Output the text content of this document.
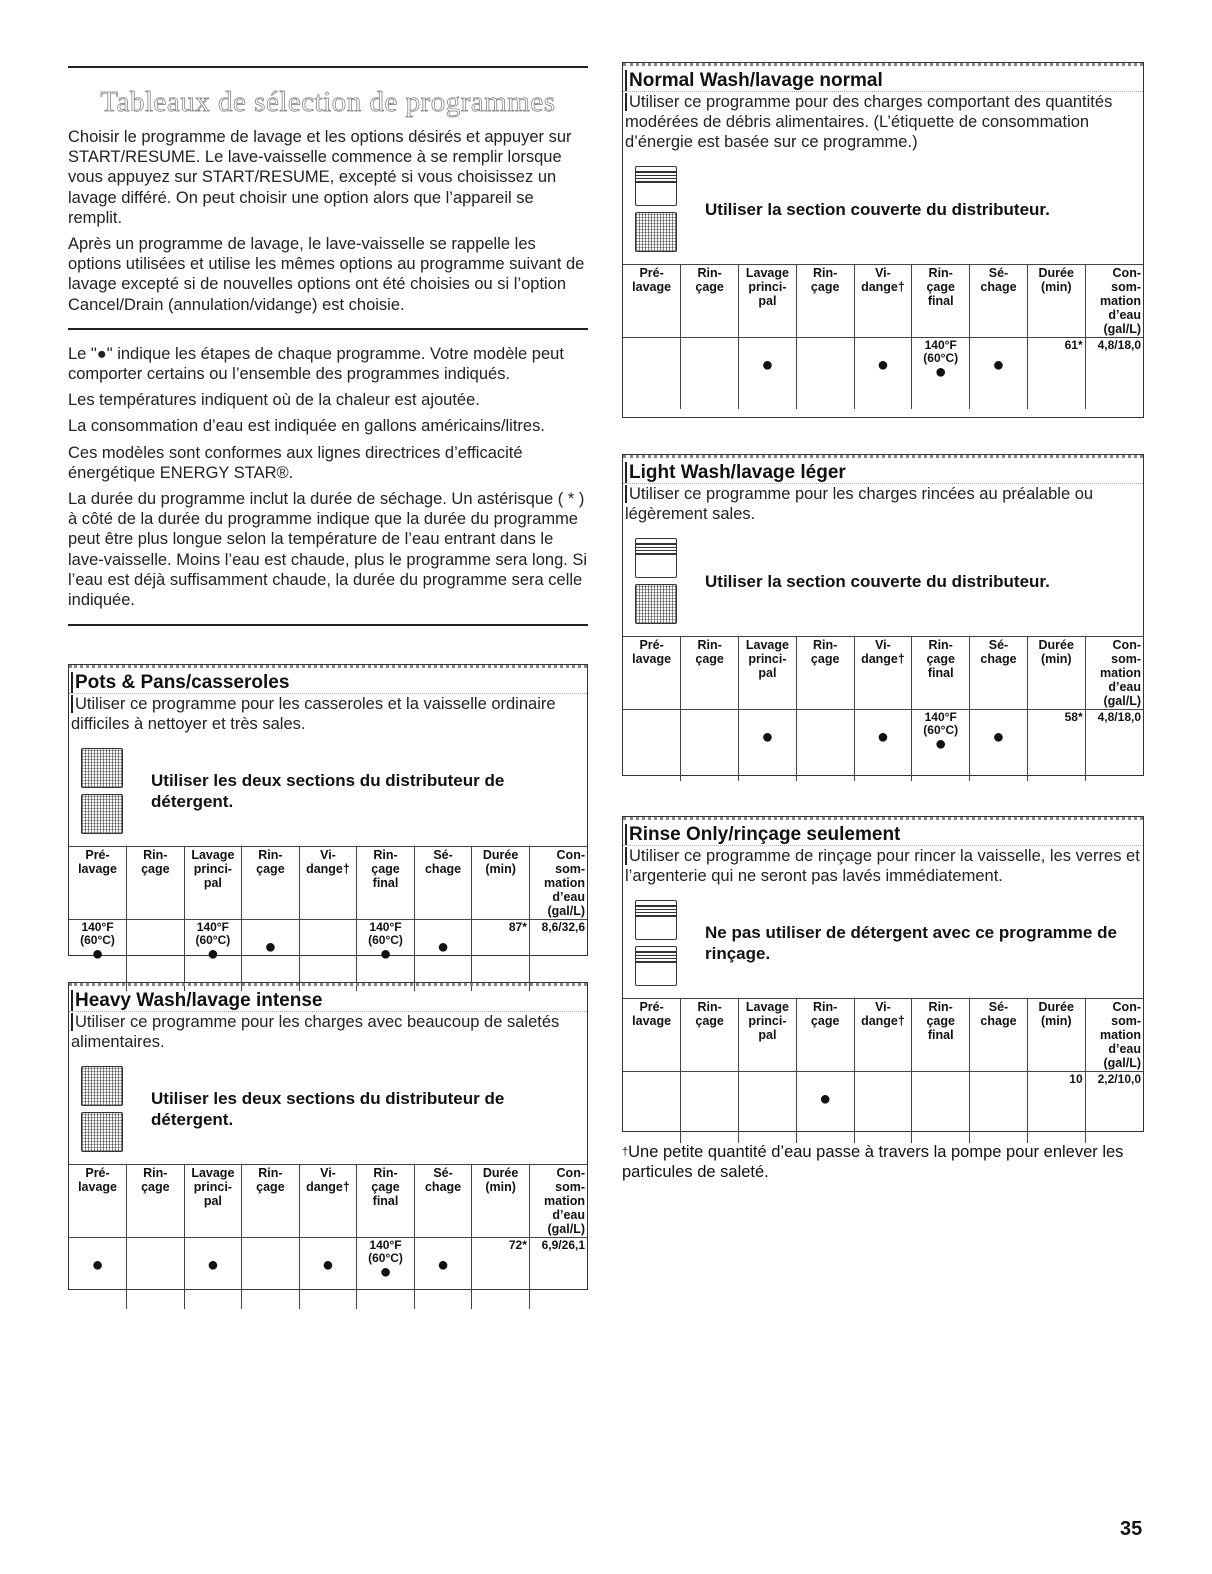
Tableaux de sélection de programmes

Choisir le programme de lavage et les options désirés et appuyer sur START/RESUME. Le lave-vaisselle commence à se remplir lorsque vous appuyez sur START/RESUME, excepté si vous choisissez un lavage différé. On peut choisir une option alors que l’appareil se remplit.

Après un programme de lavage, le lave-vaisselle se rappelle les options utilisées et utilise les mêmes options au programme suivant de lavage excepté si de nouvelles options ont été choisies ou si l’option Cancel/Drain (annulation/vidange) est choisie.

Le "●" indique les étapes de chaque programme. Votre modèle peut comporter certains ou l’ensemble des programmes indiqués.

Les températures indiquent où de la chaleur est ajoutée.

La consommation d’eau est indiquée en gallons américains/litres.

Ces modèles sont conformes aux lignes directrices d’efficacité énergétique ENERGY STAR®.

La durée du programme inclut la durée de séchage. Un astérisque ( * ) à côté de la durée du programme indique que la durée du programme peut être plus longue selon la température de l’eau entrant dans le lave-vaisselle. Moins l’eau est chaude, plus le programme sera long. Si l’eau est déjà suffisamment chaude, la durée du programme sera celle indiquée.

Pots & Pans/casseroles
Utiliser ce programme pour les casseroles et la vaisselle ordinaire difficiles à nettoyer et très sales.
Utiliser les deux sections du distributeur de détergent.
Pré-
lavage	Rin-
çage	Lavage
princi-
pal	Rin-
çage	Vi-
dange†	Rin-
çage
final	Sé-
chage	Durée
(min)	Con-
som-
mation
d’eau
(gal/L)

140°F
(60°C)
●		140°F
(60°C)
●	●		140°F
(60°C)
●	●	87*	8,6/32,6
Heavy Wash/lavage intense
Utiliser ce programme pour les charges avec beaucoup de saletés alimentaires.
Utiliser les deux sections du distributeur de détergent.
Pré-
lavage	Rin-
çage	Lavage
princi-
pal	Rin-
çage	Vi-
dange†	Rin-
çage
final	Sé-
chage	Durée
(min)	Con-
som-
mation
d’eau
(gal/L)

●		●		●	140°F
(60°C)
●	●	72*	6,9/26,1
Normal Wash/lavage normal
Utiliser ce programme pour des charges comportant des quantités modérées de débris alimentaires. (L’étiquette de consommation d’énergie est basée sur ce programme.)
Utiliser la section couverte du distributeur.
Pré-
lavage	Rin-
çage	Lavage
princi-
pal	Rin-
çage	Vi-
dange†	Rin-
çage
final	Sé-
chage	Durée
(min)	Con-
som-
mation
d’eau
(gal/L)

		●		●	140°F
(60°C)
●	●	61*	4,8/18,0
Light Wash/lavage léger
Utiliser ce programme pour les charges rincées au préalable ou légèrement sales.
Utiliser la section couverte du distributeur.
Pré-
lavage	Rin-
çage	Lavage
princi-
pal	Rin-
çage	Vi-
dange†	Rin-
çage
final	Sé-
chage	Durée
(min)	Con-
som-
mation
d’eau
(gal/L)

		●		●	140°F
(60°C)
●	●	58*	4,8/18,0
Rinse Only/rinçage seulement
Utiliser ce programme de rinçage pour rincer la vaisselle, les verres et l’argenterie qui ne seront pas lavés immédiatement.
Ne pas utiliser de détergent avec ce programme de rinçage.
Pré-
lavage	Rin-
çage	Lavage
princi-
pal	Rin-
çage	Vi-
dange†	Rin-
çage
final	Sé-
chage	Durée
(min)	Con-
som-
mation
d’eau
(gal/L)

			●				10	2,2/10,0
†Une petite quantité d’eau passe à travers la pompe pour enlever les particules de saleté.
35
